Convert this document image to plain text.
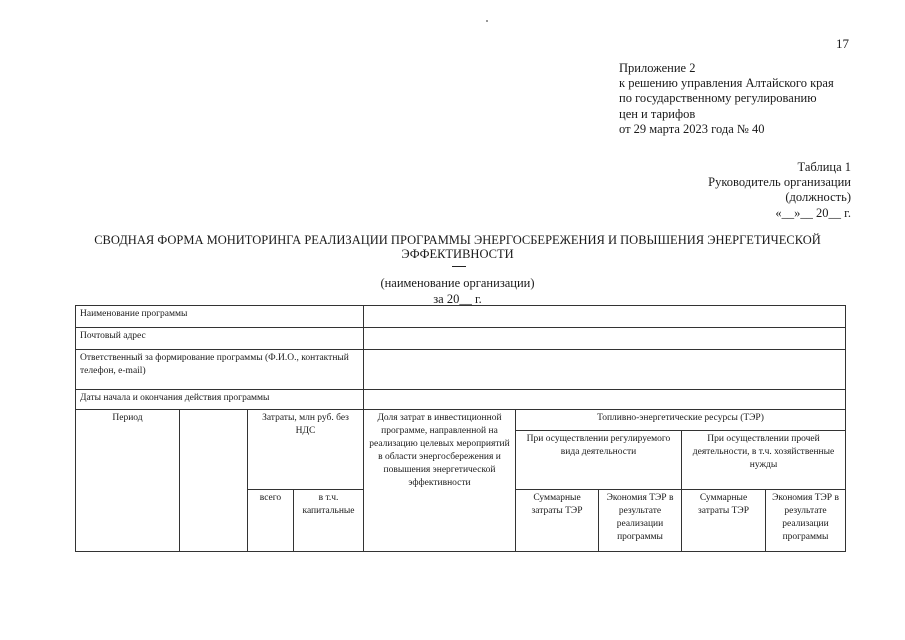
17
Приложение 2
к решению управления Алтайского края
по государственному регулированию
цен и тарифов
от 29 марта 2023 года № 40
Таблица 1
Руководитель организации
(должность)
«__»__ 20__ г.
СВОДНАЯ ФОРМА МОНИТОРИНГА РЕАЛИЗАЦИИ ПРОГРАММЫ ЭНЕРГОСБЕРЕЖЕНИЯ И ПОВЫШЕНИЯ ЭНЕРГЕТИЧЕСКОЙ ЭФФЕКТИВНОСТИ
(наименование организации)
за 20__ г.
Наименование программы								
Почтовый адрес								
Ответственный за формирование программы (Ф.И.О., контактный телефон, e-mail)								
Даты начала и окончания действия программы								
Период		Затраты, млн руб. без НДС		Доля затрат в инвестиционной программе, направленной на реализацию целевых мероприятий в области энергосбережения и повышения энергетической эффективности	Топливно-энергетические ресурсы (ТЭР)			
					При осуществлении регулируемого вида деятельности		При осуществлении прочей деятельности, в т.ч. хозяйственные нужды	
		всего	в т.ч. капитальные		Суммарные затраты ТЭР	Экономия ТЭР в результате реализации программы	Суммарные затраты ТЭР	Экономия ТЭР в результате реализации программы
